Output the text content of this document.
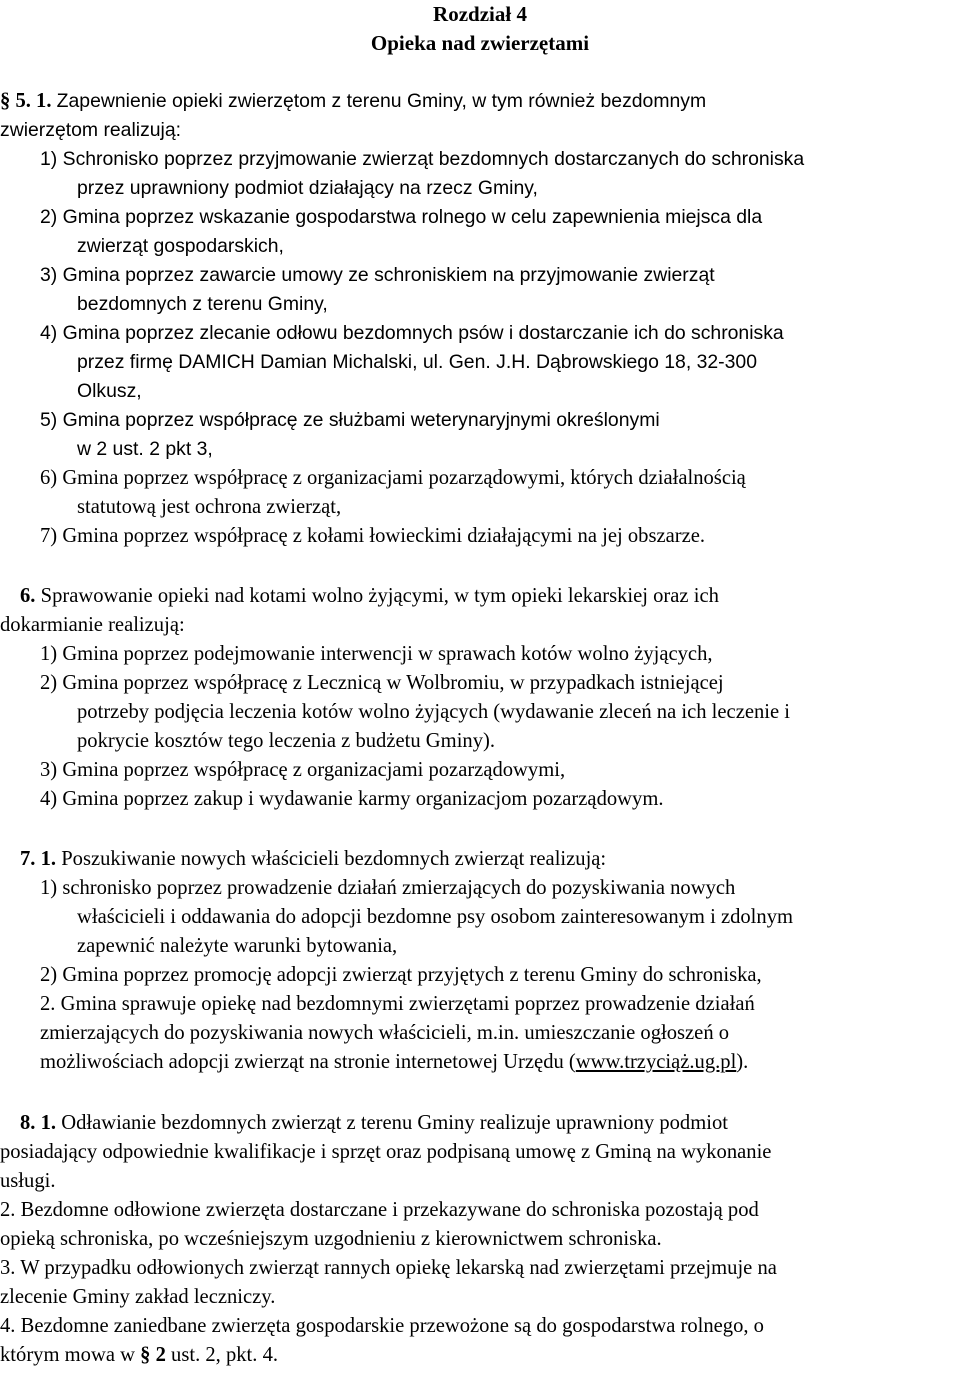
Rozdział 4
Opieka nad zwierzętami
§ 5. 1. Zapewnienie opieki zwierzętom z terenu Gminy, w tym również bezdomnym
zwierzętom realizują:
1) Schronisko poprzez przyjmowanie zwierząt bezdomnych dostarczanych do schroniska
przez uprawniony podmiot działający na rzecz Gminy,
2) Gmina poprzez wskazanie gospodarstwa rolnego w celu zapewnienia miejsca dla
zwierząt gospodarskich,
3) Gmina poprzez zawarcie umowy ze schroniskiem na przyjmowanie zwierząt
bezdomnych z terenu Gminy,
4) Gmina poprzez zlecanie odłowu bezdomnych psów i dostarczanie ich do schroniska
przez firmę DAMICH Damian Michalski, ul. Gen. J.H. Dąbrowskiego 18, 32-300
Olkusz,
5) Gmina poprzez współpracę ze służbami weterynaryjnymi określonymi
w 2 ust. 2 pkt 3,
6) Gmina poprzez współpracę z organizacjami pozarządowymi, których działalnością
statutową jest ochrona zwierząt,
7) Gmina poprzez współpracę z kołami łowieckimi działającymi na jej obszarze.
6. Sprawowanie opieki nad kotami wolno żyjącymi, w tym opieki lekarskiej oraz ich
dokarmianie realizują:
1) Gmina poprzez podejmowanie interwencji w sprawach kotów wolno żyjących,
2) Gmina poprzez współpracę z Lecznicą w Wolbromiu, w przypadkach istniejącej
potrzeby podjęcia leczenia kotów wolno żyjących (wydawanie zleceń na ich leczenie i
pokrycie kosztów tego leczenia z budżetu Gminy).
3) Gmina poprzez współpracę z organizacjami pozarządowymi,
4) Gmina poprzez zakup i wydawanie karmy organizacjom pozarządowym.
7. 1. Poszukiwanie nowych właścicieli bezdomnych zwierząt realizują:
1) schronisko poprzez prowadzenie działań zmierzających do pozyskiwania nowych
właścicieli i oddawania do adopcji bezdomne psy osobom zainteresowanym i zdolnym
zapewnić należyte warunki bytowania,
2) Gmina poprzez promocję adopcji zwierząt przyjętych z terenu Gminy do schroniska,
2. Gmina sprawuje opiekę nad bezdomnymi zwierzętami poprzez prowadzenie działań
zmierzających do pozyskiwania nowych właścicieli, m.in. umieszczanie ogłoszeń o
możliwościach adopcji zwierząt na stronie internetowej Urzędu (www.trzyciąż.ug.pl).
8. 1. Odławianie bezdomnych zwierząt z terenu Gminy realizuje uprawniony podmiot
posiadający odpowiednie kwalifikacje i sprzęt oraz podpisaną umowę z Gminą na wykonanie
usługi.
2. Bezdomne odłowione zwierzęta dostarczane i przekazywane do schroniska pozostają pod
opieką schroniska, po wcześniejszym uzgodnieniu z kierownictwem schroniska.
3. W przypadku odłowionych zwierząt rannych opiekę lekarską nad zwierzętami przejmuje na
zlecenie Gminy zakład leczniczy.
4. Bezdomne zaniedbane zwierzęta gospodarskie przewożone są do gospodarstwa rolnego, o
którym mowa w § 2 ust. 2, pkt. 4.
